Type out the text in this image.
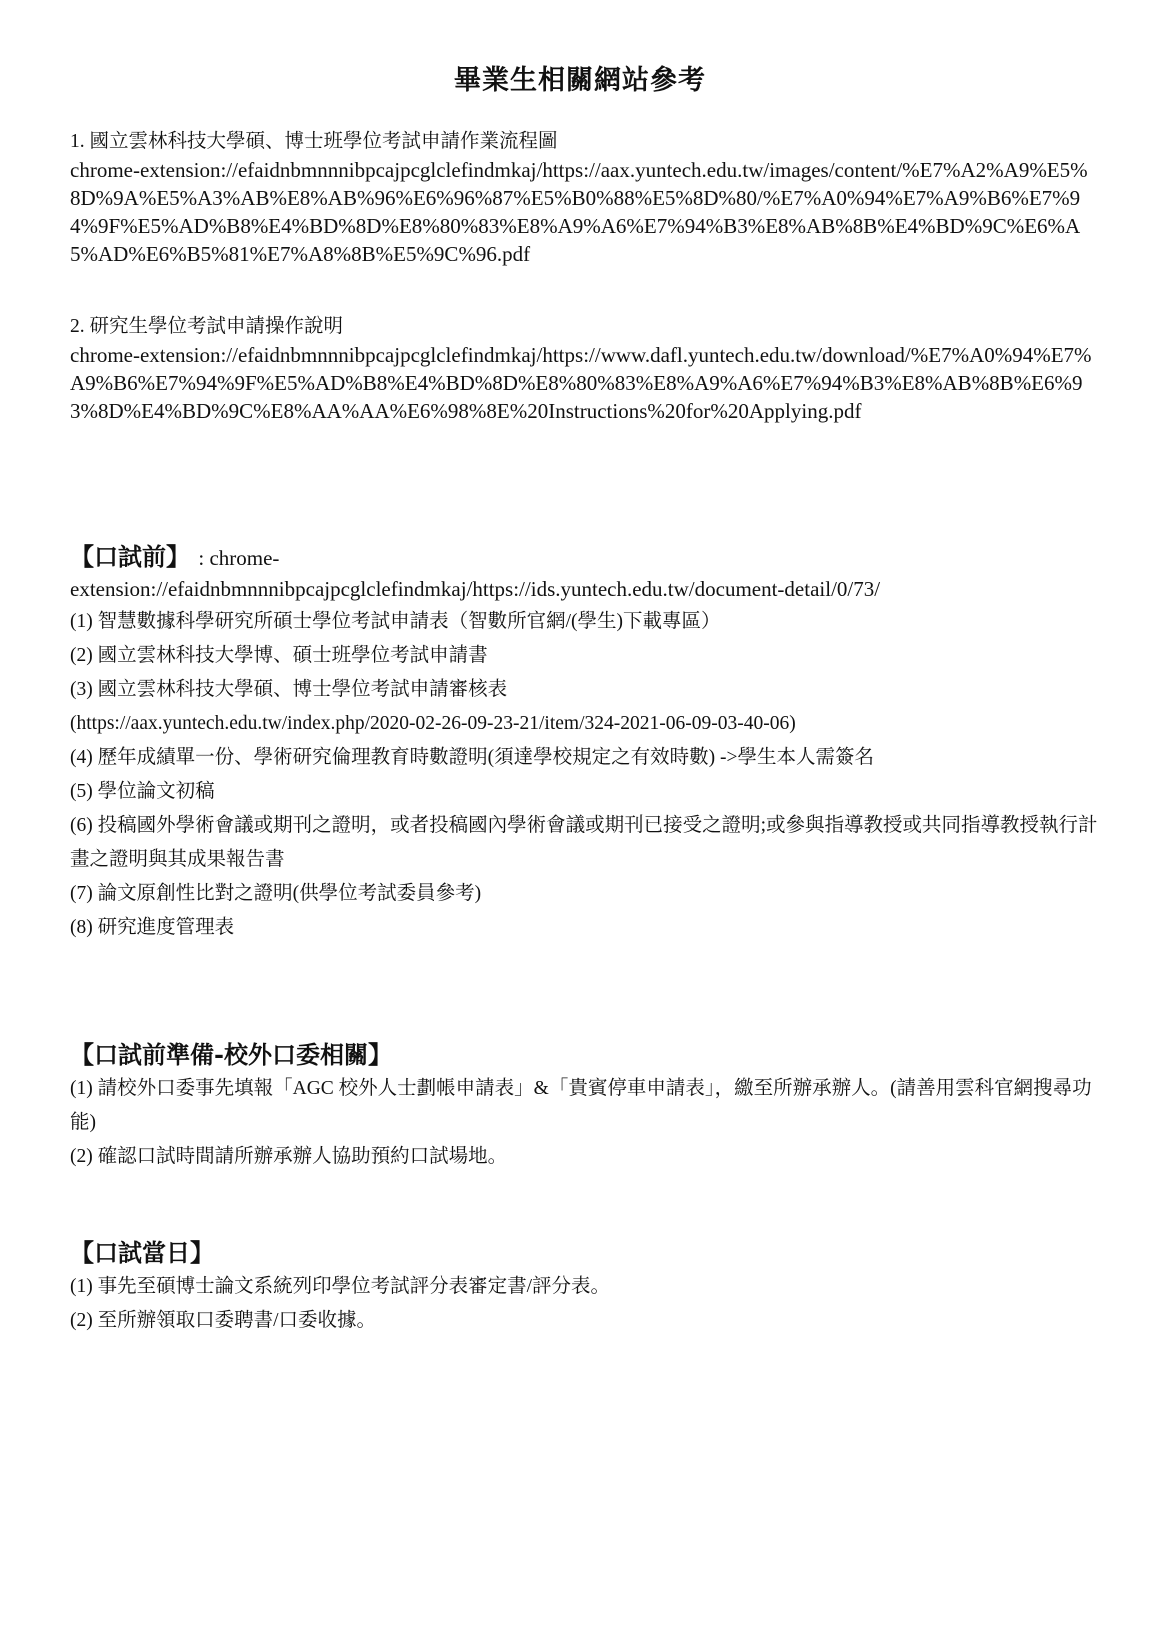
畢業生相關網站參考

1. 國立雲林科技大學碩、博士班學位考試申請作業流程圖

chrome-extension://efaidnbmnnnibpcajpcglclefindmkaj/https://aax.yuntech.edu.tw/images/content/%E7%A2%A9%E5%8D%9A%E5%A3%AB%E8%AB%96%E6%96%87%E5%B0%88%E5%8D%80/%E7%A0%94%E7%A9%B6%E7%94%9F%E5%AD%B8%E4%BD%8D%E8%80%83%E8%A9%A6%E7%94%B3%E8%AB%8B%E4%BD%9C%E6%A5%AD%E6%B5%81%E7%A8%8B%E5%9C%96.pdf

2. 研究生學位考試申請操作說明

chrome-extension://efaidnbmnnnibpcajpcglclefindmkaj/https://www.dafl.yuntech.edu.tw/download/%E7%A0%94%E7%A9%B6%E7%94%9F%E5%AD%B8%E4%BD%8D%E8%80%83%E8%A9%A6%E7%94%B3%E8%AB%8B%E6%93%8D%E4%BD%9C%E8%AA%AA%E6%98%8E%20Instructions%20for%20Applying.pdf

【口試前】 : chrome-

extension://efaidnbmnnnibpcajpcglclefindmkaj/https://ids.yuntech.edu.tw/document-detail/0/73/

(1) 智慧數據科學研究所碩士學位考試申請表（智數所官網/(學生)下載專區）

(2) 國立雲林科技大學博、碩士班學位考試申請書

(3) 國立雲林科技大學碩、博士學位考試申請審核表

(https://aax.yuntech.edu.tw/index.php/2020-02-26-09-23-21/item/324-2021-06-09-03-40-06)

(4) 歷年成績單一份、學術研究倫理教育時數證明(須達學校規定之有效時數) ->學生本人需簽名

(5) 學位論文初稿

(6) 投稿國外學術會議或期刊之證明，或者投稿國內學術會議或期刊已接受之證明;或參與指導教授或共同指導教授執行計畫之證明與其成果報告書

(7) 論文原創性比對之證明(供學位考試委員參考)

(8) 研究進度管理表

【口試前準備-校外口委相關】

(1) 請校外口委事先填報「AGC 校外人士劃帳申請表」&「貴賓停車申請表」，繳至所辦承辦人。(請善用雲科官網搜尋功能)

(2) 確認口試時間請所辦承辦人協助預約口試場地。

【口試當日】

(1) 事先至碩博士論文系統列印學位考試評分表審定書/評分表。

(2) 至所辦領取口委聘書/口委收據。
